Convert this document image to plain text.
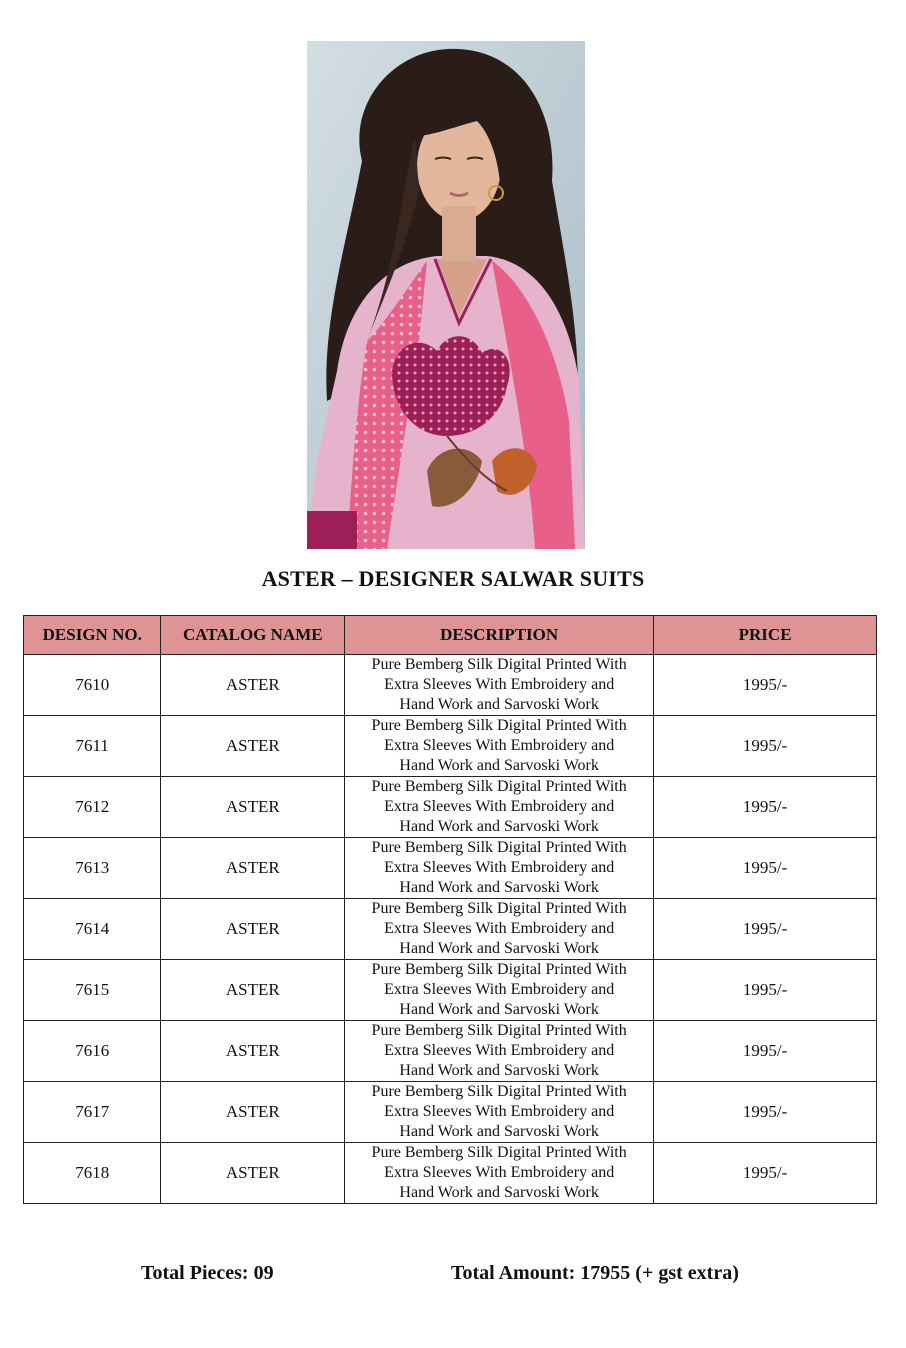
ASTER – DESIGNER SALWAR SUITS
DESIGN NO.	CATALOG NAME	DESCRIPTION	PRICE
7610	ASTER	Pure Bemberg Silk Digital Printed With
Extra Sleeves With Embroidery and
Hand Work and Sarvoski Work	1995/-
7611	ASTER	Pure Bemberg Silk Digital Printed With
Extra Sleeves With Embroidery and
Hand Work and Sarvoski Work	1995/-
7612	ASTER	Pure Bemberg Silk Digital Printed With
Extra Sleeves With Embroidery and
Hand Work and Sarvoski Work	1995/-
7613	ASTER	Pure Bemberg Silk Digital Printed With
Extra Sleeves With Embroidery and
Hand Work and Sarvoski Work	1995/-
7614	ASTER	Pure Bemberg Silk Digital Printed With
Extra Sleeves With Embroidery and
Hand Work and Sarvoski Work	1995/-
7615	ASTER	Pure Bemberg Silk Digital Printed With
Extra Sleeves With Embroidery and
Hand Work and Sarvoski Work	1995/-
7616	ASTER	Pure Bemberg Silk Digital Printed With
Extra Sleeves With Embroidery and
Hand Work and Sarvoski Work	1995/-
7617	ASTER	Pure Bemberg Silk Digital Printed With
Extra Sleeves With Embroidery and
Hand Work and Sarvoski Work	1995/-
7618	ASTER	Pure Bemberg Silk Digital Printed With
Extra Sleeves With Embroidery and
Hand Work and Sarvoski Work	1995/-
Total Pieces: 09	Total Amount: 17955 (+ gst extra)
